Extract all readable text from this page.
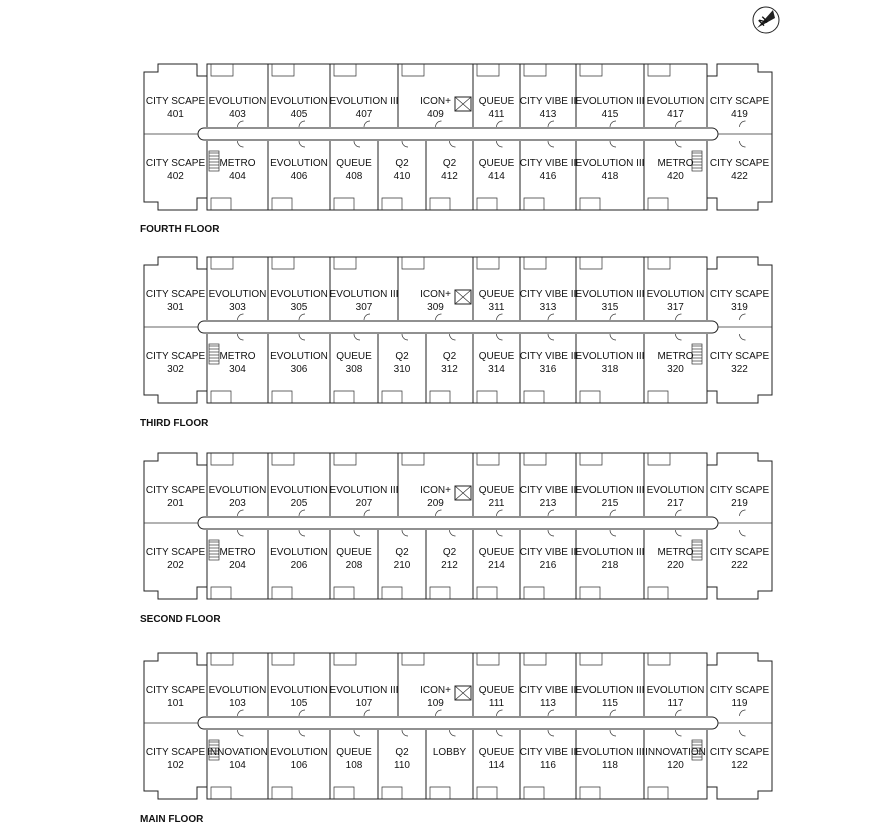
N
CITY SCAPE
401
EVOLUTION
403
EVOLUTION
405
EVOLUTION III
407
ICON+
409
QUEUE
411
CITY VIBE II
413
EVOLUTION III
415
EVOLUTION
417
CITY SCAPE
419
CITY SCAPE
402
METRO
404
EVOLUTION
406
QUEUE
408
Q2
410
Q2
412
QUEUE
414
CITY VIBE II
416
EVOLUTION III
418
METRO
420
CITY SCAPE
422
FOURTH FLOOR
CITY SCAPE
301
EVOLUTION
303
EVOLUTION
305
EVOLUTION III
307
ICON+
309
QUEUE
311
CITY VIBE II
313
EVOLUTION III
315
EVOLUTION
317
CITY SCAPE
319
CITY SCAPE
302
METRO
304
EVOLUTION
306
QUEUE
308
Q2
310
Q2
312
QUEUE
314
CITY VIBE II
316
EVOLUTION III
318
METRO
320
CITY SCAPE
322
THIRD FLOOR
CITY SCAPE
201
EVOLUTION
203
EVOLUTION
205
EVOLUTION III
207
ICON+
209
QUEUE
211
CITY VIBE II
213
EVOLUTION III
215
EVOLUTION
217
CITY SCAPE
219
CITY SCAPE
202
METRO
204
EVOLUTION
206
QUEUE
208
Q2
210
Q2
212
QUEUE
214
CITY VIBE II
216
EVOLUTION III
218
METRO
220
CITY SCAPE
222
SECOND FLOOR
CITY SCAPE
101
EVOLUTION
103
EVOLUTION
105
EVOLUTION III
107
ICON+
109
QUEUE
111
CITY VIBE II
113
EVOLUTION III
115
EVOLUTION
117
CITY SCAPE
119
CITY SCAPE
102
INNOVATION
104
EVOLUTION
106
QUEUE
108
Q2
110
LOBBY QUEUE
114
CITY VIBE II
116
EVOLUTION III
118
INNOVATION
120
CITY SCAPE
122
MAIN FLOOR
